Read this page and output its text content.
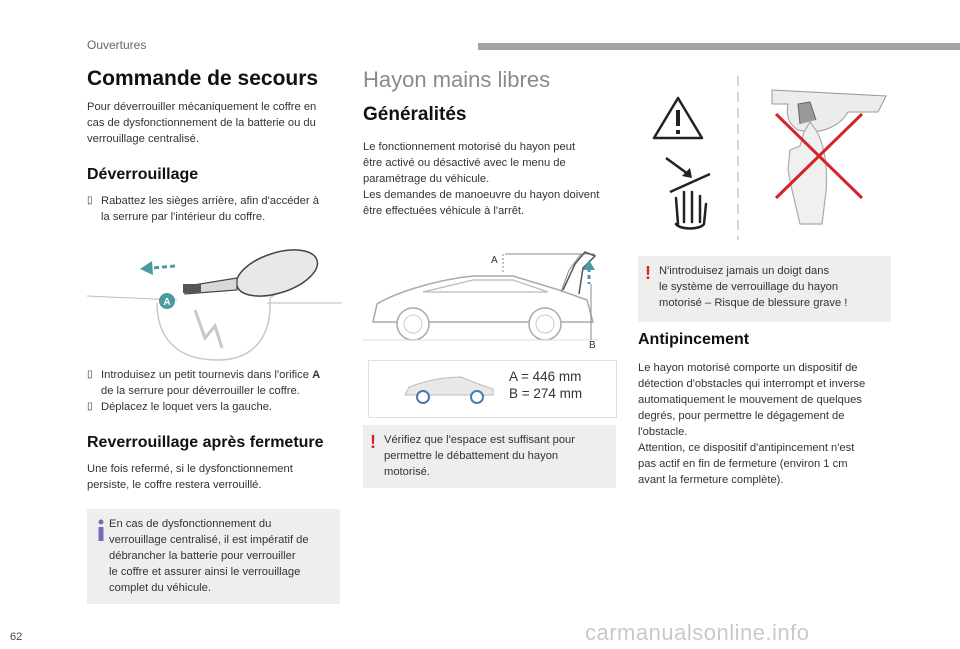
Ouvertures
Commande de secours
Pour déverrouiller mécaniquement le coffre en
cas de dysfonctionnement de la batterie ou du
verrouillage centralisé.
Déverrouillage
▯ Rabattez les sièges arrière, afin d'accéder à
la serrure par l'intérieur du coffre.
A
▯ Introduisez un petit tournevis dans l'orifice A
de la serrure pour déverrouiller le coffre.
▯ Déplacez le loquet vers la gauche.
Reverrouillage après fermeture
Une fois refermé, si le dysfonctionnement
persiste, le coffre restera verrouillé.
En cas de dysfonctionnement du
verrouillage centralisé, il est impératif de
débrancher la batterie pour verrouiller
le coffre et assurer ainsi le verrouillage
complet du véhicule.
Hayon mains libres
Généralités
Le fonctionnement motorisé du hayon peut
être activé ou désactivé avec le menu de
paramétrage du véhicule.
Les demandes de manoeuvre du hayon doivent
être effectuées véhicule à l'arrêt.
A
B
A = 446 mm
B = 274 mm
! Vérifiez que l'espace est suffisant pour
permettre le débattement du hayon
motorisé.
! N'introduisez jamais un doigt dans
le système de verrouillage du hayon
motorisé – Risque de blessure grave !
Antipincement
Le hayon motorisé comporte un dispositif de
détection d'obstacles qui interrompt et inverse
automatiquement le mouvement de quelques
degrés, pour permettre le dégagement de
l'obstacle.
Attention, ce dispositif d'antipincement n'est
pas actif en fin de fermeture (environ 1 cm
avant la fermeture complète).
62	carmanualsonline.info
